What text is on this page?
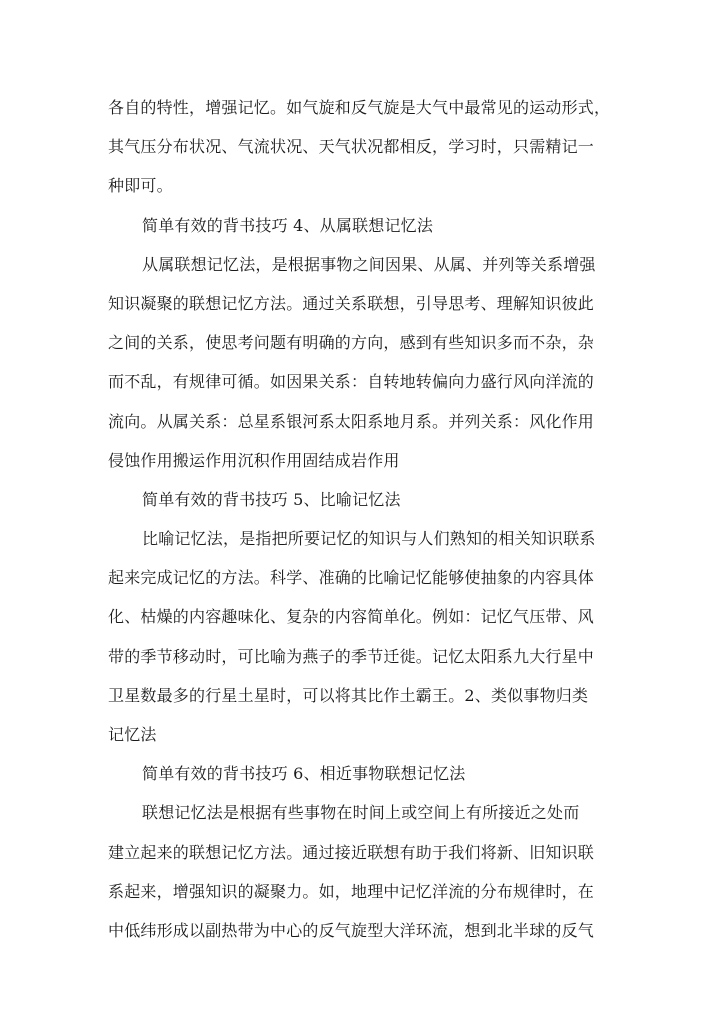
各自的特性，增强记忆。如气旋和反气旋是大气中最常见的运动形式，
其气压分布状况、气流状况、天气状况都相反，学习时，只需精记一
种即可。
简单有效的背书技巧 4、从属联想记忆法
从属联想记忆法，是根据事物之间因果、从属、并列等关系增强
知识凝聚的联想记忆方法。通过关系联想，引导思考、理解知识彼此
之间的关系，使思考问题有明确的方向，感到有些知识多而不杂，杂
而不乱，有规律可循。如因果关系：自转地转偏向力盛行风向洋流的
流向。从属关系：总星系银河系太阳系地月系。并列关系：风化作用
侵蚀作用搬运作用沉积作用固结成岩作用
简单有效的背书技巧 5、比喻记忆法
比喻记忆法，是指把所要记忆的知识与人们熟知的相关知识联系
起来完成记忆的方法。科学、准确的比喻记忆能够使抽象的内容具体
化、枯燥的内容趣味化、复杂的内容简单化。例如：记忆气压带、风
带的季节移动时，可比喻为燕子的季节迁徙。记忆太阳系九大行星中
卫星数最多的行星土星时，可以将其比作土霸王。2、类似事物归类
记忆法
简单有效的背书技巧 6、相近事物联想记忆法
联想记忆法是根据有些事物在时间上或空间上有所接近之处而
建立起来的联想记忆方法。通过接近联想有助于我们将新、旧知识联
系起来，增强知识的凝聚力。如，地理中记忆洋流的分布规律时，在
中低纬形成以副热带为中心的反气旋型大洋环流，想到北半球的反气
